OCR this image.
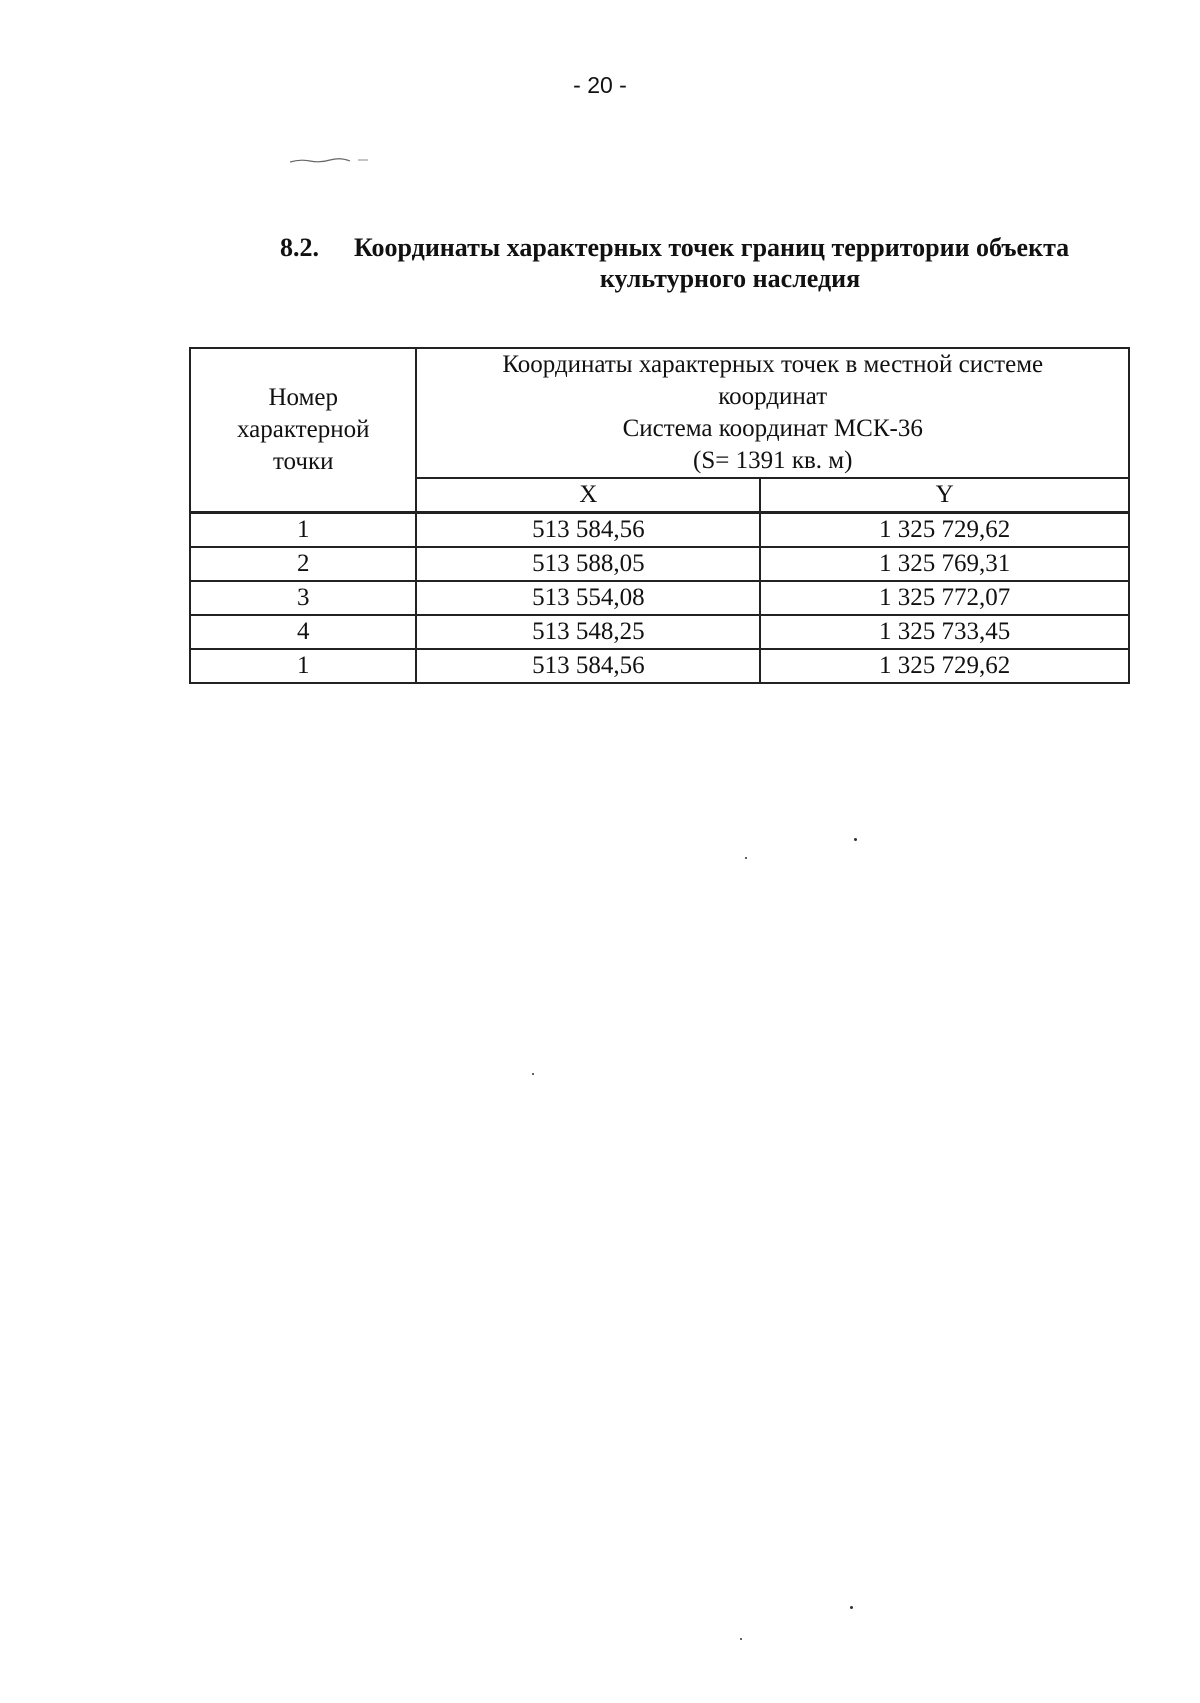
- 20 -
8.2.	Координаты характерных точек границ территории объекта
культурного наследия
Номер
характерной
точки	Координаты характерных точек в местной системе
координат
Система координат МСК-36
(S= 1391 кв. м)	

	X	Y
1	513 584,56	1 325 729,62
2	513 588,05	1 325 769,31
3	513 554,08	1 325 772,07
4	513 548,25	1 325 733,45
1	513 584,56	1 325 729,62
